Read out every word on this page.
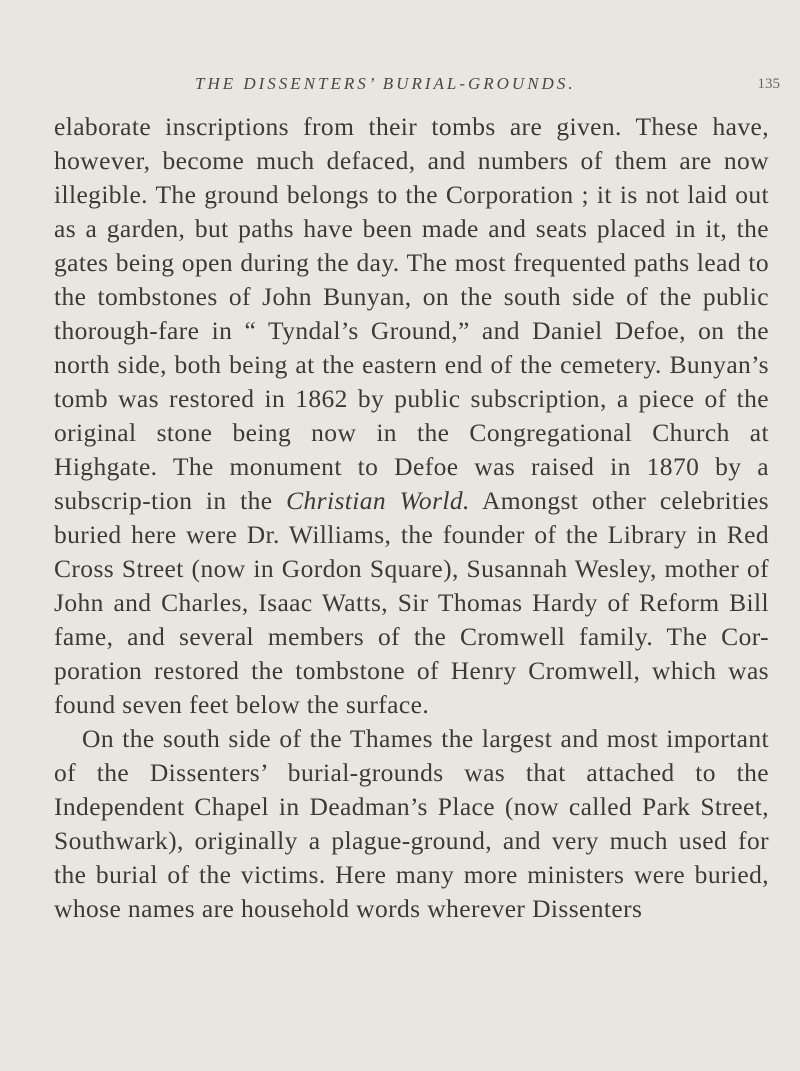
THE DISSENTERS’ BURIAL-GROUNDS.	135

elaborate inscriptions from their tombs are given. These have, however, become much defaced, and numbers of them are now illegible. The ground belongs to the Corporation ; it is not laid out as a garden, but paths have been made and seats placed in it, the gates being open during the day. The most frequented paths lead to the tombstones of John Bunyan, on the south side of the public thorough-fare in “ Tyndal’s Ground,” and Daniel Defoe, on the north side, both being at the eastern end of the cemetery. Bunyan’s tomb was restored in 1862 by public subscription, a piece of the original stone being now in the Congregational Church at Highgate. The monument to Defoe was raised in 1870 by a subscrip-tion in the Christian World. Amongst other celebrities buried here were Dr. Williams, the founder of the Library in Red Cross Street (now in Gordon Square), Susannah Wesley, mother of John and Charles, Isaac Watts, Sir Thomas Hardy of Reform Bill fame, and several members of the Cromwell family. The Cor-poration restored the tombstone of Henry Cromwell, which was found seven feet below the surface.

On the south side of the Thames the largest and most important of the Dissenters’ burial-grounds was that attached to the Independent Chapel in Deadman’s Place (now called Park Street, Southwark), originally a plague-ground, and very much used for the burial of the victims. Here many more ministers were buried, whose names are household words wherever Dissenters
